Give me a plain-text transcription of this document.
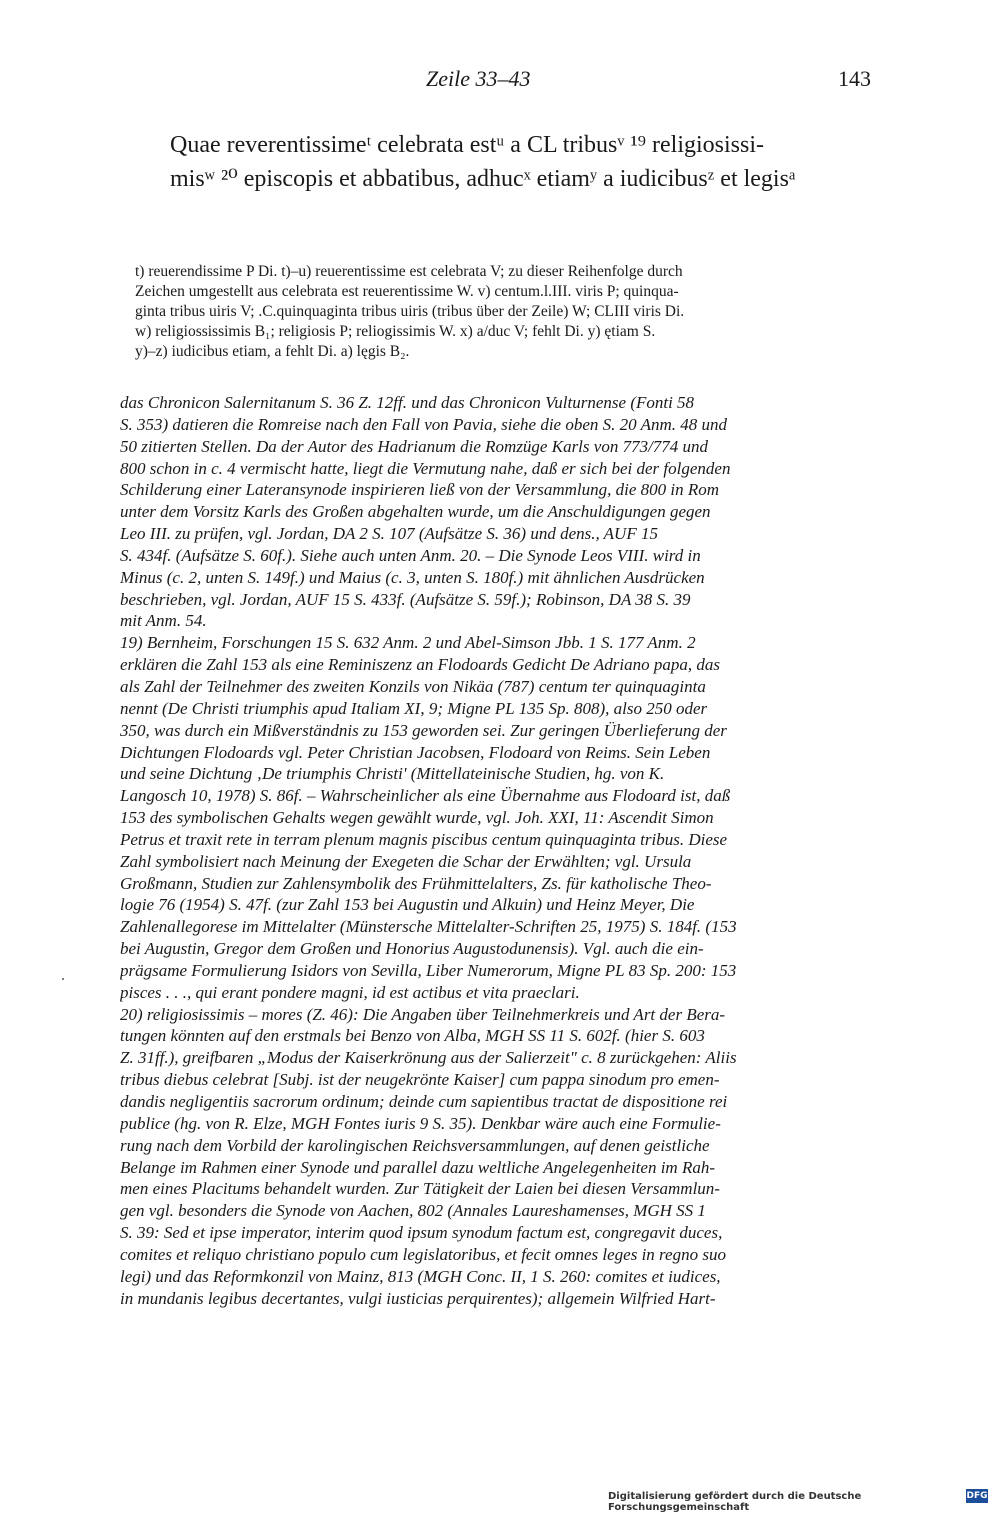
Zeile 33–43	143
Quae reverentissimeᵗ celebrata estᵘ a CL tribusᵛ ¹⁹ religiosissi-
misʷ ²⁰ episcopis et abbatibus, adhucˣ etiamʸ a iudicibusᶻ et legisᵃ
t) reuerendissime P Di. t)–u) reuerentissime est celebrata V; zu dieser Reihenfolge durch
Zeichen umgestellt aus celebrata est reuerentissime W. v) centum.l.III. viris P; quinqua-
ginta tribus uiris V; .C.quinquaginta tribus uiris (tribus über der Zeile) W; CLIII viris Di.
w) religiossissimis B₁; religiosis P; reliogissimis W. x) a/duc V; fehlt Di. y) ętiam S.
y)–z) iudicibus etiam, a fehlt Di. a) lęgis B₂.
das Chronicon Salernitanum S. 36 Z. 12ff. und das Chronicon Vulturnense (Fonti 58
S. 353) datieren die Romreise nach den Fall von Pavia, siehe die oben S. 20 Anm. 48 und
50 zitierten Stellen. Da der Autor des Hadrianum die Romzüge Karls von 773/774 und
800 schon in c. 4 vermischt hatte, liegt die Vermutung nahe, daß er sich bei der folgenden
Schilderung einer Lateransynode inspirieren ließ von der Versammlung, die 800 in Rom
unter dem Vorsitz Karls des Großen abgehalten wurde, um die Anschuldigungen gegen
Leo III. zu prüfen, vgl. Jordan, DA 2 S. 107 (Aufsätze S. 36) und dens., AUF 15
S. 434f. (Aufsätze S. 60f.). Siehe auch unten Anm. 20. – Die Synode Leos VIII. wird in
Minus (c. 2, unten S. 149f.) und Maius (c. 3, unten S. 180f.) mit ähnlichen Ausdrücken
beschrieben, vgl. Jordan, AUF 15 S. 433f. (Aufsätze S. 59f.); Robinson, DA 38 S. 39
mit Anm. 54.
19) Bernheim, Forschungen 15 S. 632 Anm. 2 und Abel-Simson Jbb. 1 S. 177 Anm. 2
erklären die Zahl 153 als eine Reminiszenz an Flodoards Gedicht De Adriano papa, das
als Zahl der Teilnehmer des zweiten Konzils von Nikäa (787) centum ter quinquaginta
nennt (De Christi triumphis apud Italiam XI, 9; Migne PL 135 Sp. 808), also 250 oder
350, was durch ein Mißverständnis zu 153 geworden sei. Zur geringen Überlieferung der
Dichtungen Flodoards vgl. Peter Christian Jacobsen, Flodoard von Reims. Sein Leben
und seine Dichtung ‚De triumphis Christi' (Mittellateinische Studien, hg. von K.
Langosch 10, 1978) S. 86f. – Wahrscheinlicher als eine Übernahme aus Flodoard ist, daß
153 des symbolischen Gehalts wegen gewählt wurde, vgl. Joh. XXI, 11: Ascendit Simon
Petrus et traxit rete in terram plenum magnis piscibus centum quinquaginta tribus. Diese
Zahl symbolisiert nach Meinung der Exegeten die Schar der Erwählten; vgl. Ursula
Großmann, Studien zur Zahlensymbolik des Frühmittelalters, Zs. für katholische Theo-
logie 76 (1954) S. 47f. (zur Zahl 153 bei Augustin und Alkuin) und Heinz Meyer, Die
Zahlenallegorese im Mittelalter (Münstersche Mittelalter-Schriften 25, 1975) S. 184f. (153
bei Augustin, Gregor dem Großen und Honorius Augustodunensis). Vgl. auch die ein-
prägsame Formulierung Isidors von Sevilla, Liber Numerorum, Migne PL 83 Sp. 200: 153
pisces . . ., qui erant pondere magni, id est actibus et vita praeclari.
20) religiosissimis – mores (Z. 46): Die Angaben über Teilnehmerkreis und Art der Bera-
tungen könnten auf den erstmals bei Benzo von Alba, MGH SS 11 S. 602f. (hier S. 603
Z. 31ff.), greifbaren „Modus der Kaiserkrönung aus der Salierzeit" c. 8 zurückgehen: Aliis
tribus diebus celebrat [Subj. ist der neugekrönte Kaiser] cum pappa sinodum pro emen-
dandis negligentiis sacrorum ordinum; deinde cum sapientibus tractat de dispositione rei
publice (hg. von R. Elze, MGH Fontes iuris 9 S. 35). Denkbar wäre auch eine Formulie-
rung nach dem Vorbild der karolingischen Reichsversammlungen, auf denen geistliche
Belange im Rahmen einer Synode und parallel dazu weltliche Angelegenheiten im Rah-
men eines Placitums behandelt wurden. Zur Tätigkeit der Laien bei diesen Versammlun-
gen vgl. besonders die Synode von Aachen, 802 (Annales Laureshamenses, MGH SS 1
S. 39: Sed et ipse imperator, interim quod ipsum synodum factum est, congregavit duces,
comites et reliquo christiano populo cum legislatoribus, et fecit omnes leges in regno suo
legi) und das Reformkonzil von Mainz, 813 (MGH Conc. II, 1 S. 260: comites et iudices,
in mundanis legibus decertantes, vulgi iusticias perquirentes); allgemein Wilfried Hart-
Digitalisierung gefördert durch die Deutsche Forschungsgemeinschaft
DFG
